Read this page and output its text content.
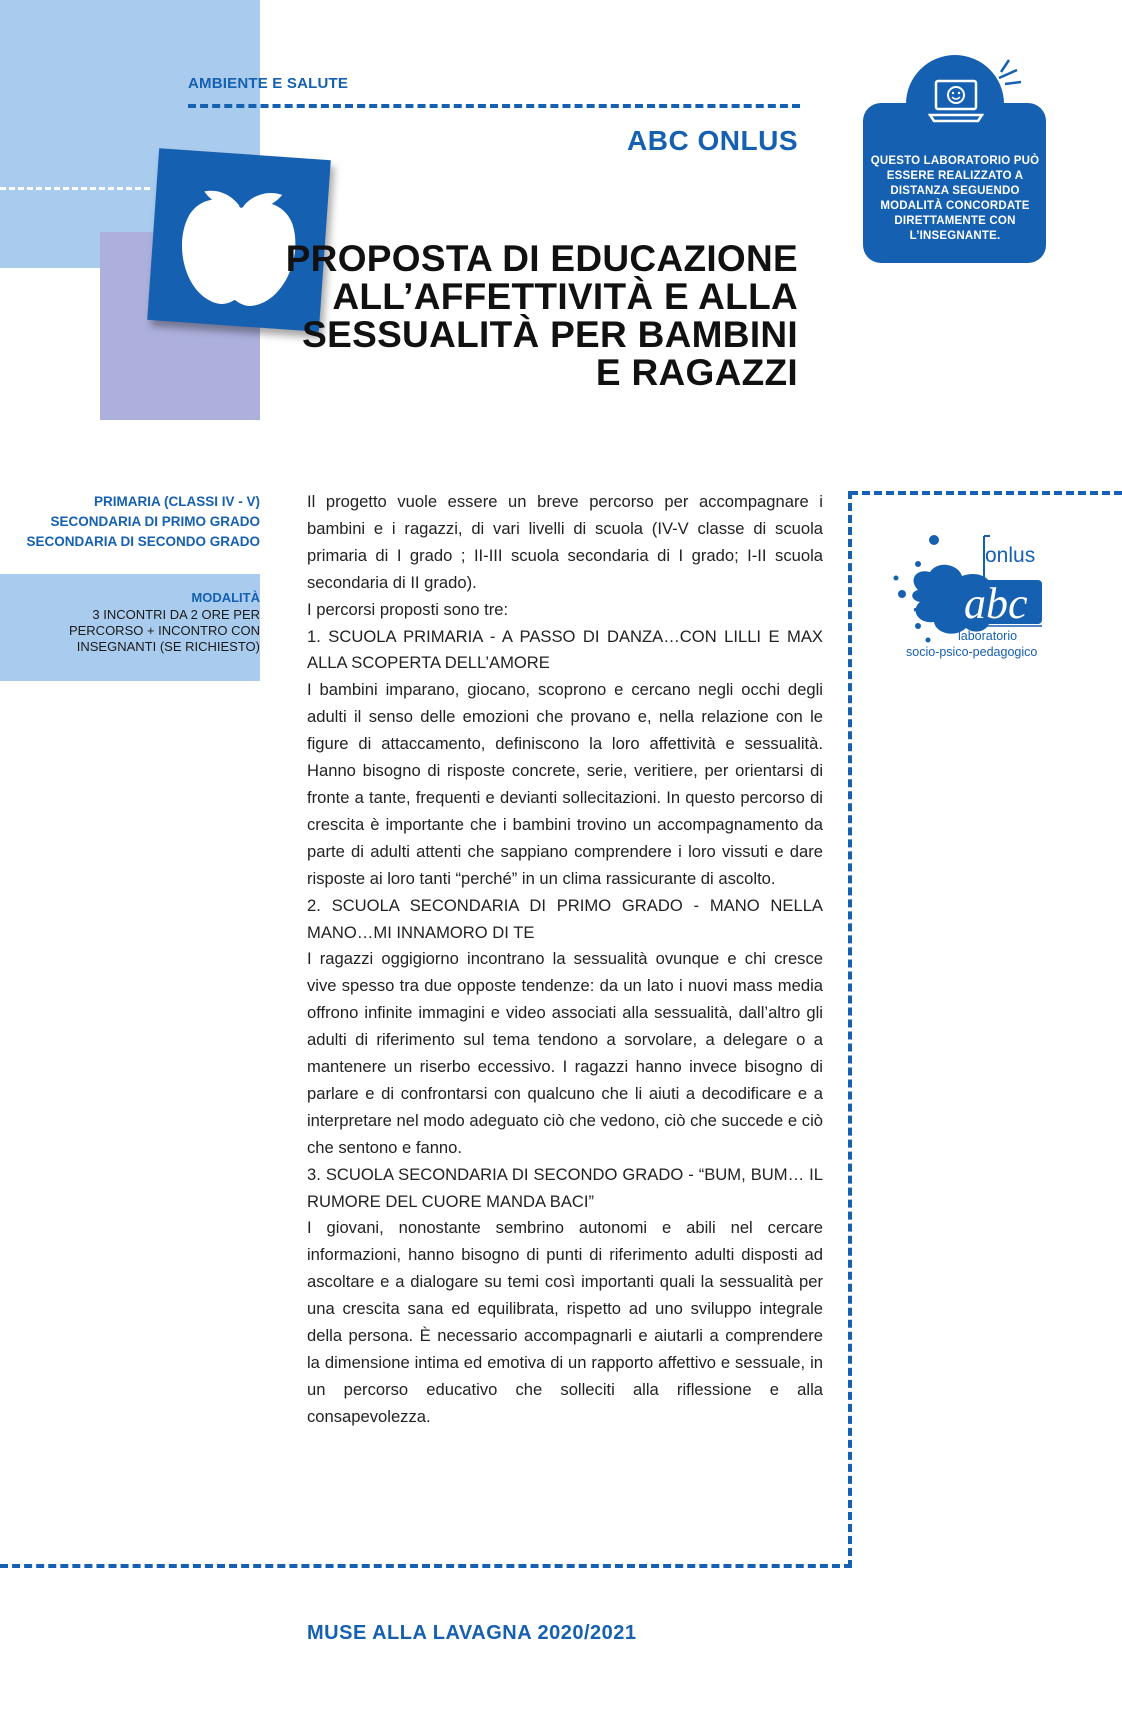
AMBIENTE E SALUTE
ABC ONLUS
PROPOSTA DI EDUCAZIONE ALL’AFFETTIVITÀ E ALLA SESSUALITÀ PER BAMBINI E RAGAZZI
QUESTO LABORATORIO PUÒ ESSERE REALIZZATO A DISTANZA SEGUENDO MODALITÀ CONCORDATE DIRETTAMENTE CON L’INSEGNANTE.
PRIMARIA (CLASSI IV - V)
SECONDARIA DI PRIMO GRADO
SECONDARIA DI SECONDO GRADO
MODALITÀ
3 INCONTRI DA 2 ORE PER PERCORSO + INCONTRO CON INSEGNANTI (SE RICHIESTO)

Il progetto vuole essere un breve percorso per accompagnare i bambini e i ragazzi, di vari livelli di scuola (IV-V classe di scuola primaria di I grado ; II-III scuola secondaria di I grado; I-II scuola secondaria di II grado).

I percorsi proposti sono tre:

1. SCUOLA PRIMARIA - A PASSO DI DANZA…CON LILLI E MAX ALLA SCOPERTA DELL’AMORE

I bambini imparano, giocano, scoprono e cercano negli occhi degli adulti il senso delle emozioni che provano e, nella relazione con le figure di attaccamento, definiscono la loro affettività e sessualità. Hanno bisogno di risposte concrete, serie, veritiere, per orientarsi di fronte a tante, frequenti e devianti sollecitazioni. In questo percorso di crescita è importante che i bambini trovino un accompagnamento da parte di adulti attenti che sappiano comprendere i loro vissuti e dare risposte ai loro tanti “perché” in un clima rassicurante di ascolto.

2. SCUOLA SECONDARIA DI PRIMO GRADO - MANO NELLA MANO…MI INNAMORO DI TE

I ragazzi oggigiorno incontrano la sessualità ovunque e chi cresce vive spesso tra due opposte tendenze: da un lato i nuovi mass media offrono infinite immagini e video associati alla sessualità, dall’altro gli adulti di riferimento sul tema tendono a sorvolare, a delegare o a mantenere un riserbo eccessivo. I ragazzi hanno invece bisogno di parlare e di confrontarsi con qualcuno che li aiuti a decodificare e a interpretare nel modo adeguato ciò che vedono, ciò che succede e ciò che sentono e fanno.

3. SCUOLA SECONDARIA DI SECONDO GRADO - “BUM, BUM… IL RUMORE DEL CUORE MANDA BACI”

I giovani, nonostante sembrino autonomi e abili nel cercare informazioni, hanno bisogno di punti di riferimento adulti disposti ad ascoltare e a dialogare su temi così importanti quali la sessualità per una crescita sana ed equilibrata, rispetto ad uno sviluppo integrale della persona. È necessario accompagnarli e aiutarli a comprendere la dimensione intima ed emotiva di un rapporto affettivo e sessuale, in un percorso educativo che solleciti alla riflessione e alla consapevolezza.

abc
onlus
laboratorio
socio-psico-pedagogico
MUSE ALLA LAVAGNA 2020/2021
